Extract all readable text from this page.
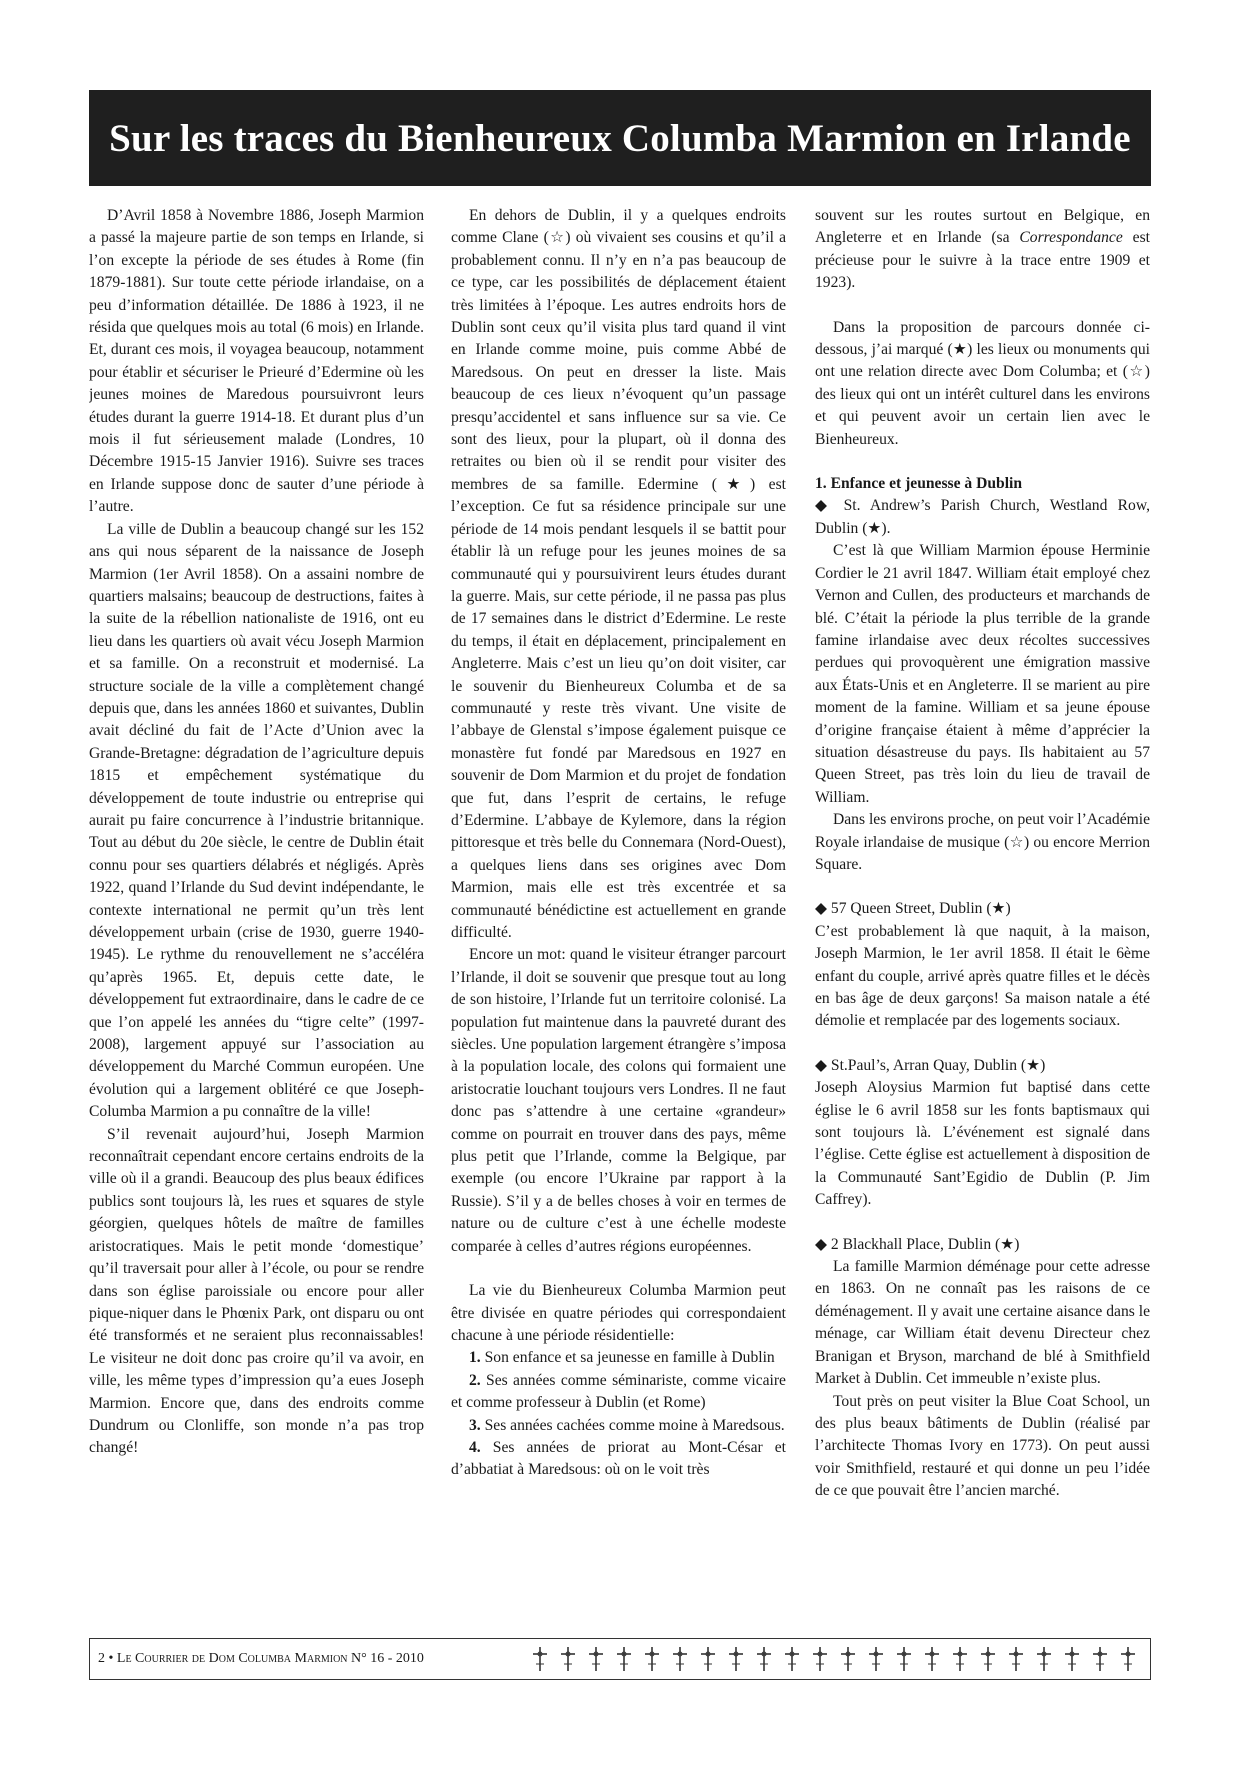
Sur les traces du Bienheureux Columba Marmion en Irlande

D’Avril 1858 à Novembre 1886, Joseph Marmion a passé la majeure partie de son temps en Irlande, si l’on excepte la période de ses études à Rome (fin 1879-1881). Sur toute cette période irlandaise, on a peu d’information détaillée. De 1886 à 1923, il ne résida que quelques mois au total (6 mois) en Irlande. Et, durant ces mois, il voyagea beaucoup, notamment pour établir et sécuriser le Prieuré d’Edermine où les jeunes moines de Maredous poursuivront leurs études durant la guerre 1914-18. Et durant plus d’un mois il fut sérieusement malade (Londres, 10 Décembre 1915-15 Janvier 1916). Suivre ses traces en Irlande suppose donc de sauter d’une période à l’autre.

La ville de Dublin a beaucoup changé sur les 152 ans qui nous séparent de la naissance de Joseph Marmion (1er Avril 1858). On a assaini nombre de quartiers malsains; beaucoup de destructions, faites à la suite de la rébellion nationaliste de 1916, ont eu lieu dans les quartiers où avait vécu Joseph Marmion et sa famille. On a reconstruit et modernisé. La structure sociale de la ville a complètement changé depuis que, dans les années 1860 et suivantes, Dublin avait décliné du fait de l’Acte d’Union avec la Grande-Bretagne: dégradation de l’agriculture depuis 1815 et empêchement systématique du développement de toute industrie ou entreprise qui aurait pu faire concurrence à l’industrie britannique. Tout au début du 20e siècle, le centre de Dublin était connu pour ses quartiers délabrés et négligés. Après 1922, quand l’Irlande du Sud devint indépendante, le contexte international ne permit qu’un très lent développement urbain (crise de 1930, guerre 1940-1945). Le rythme du renouvellement ne s’accéléra qu’après 1965. Et, depuis cette date, le développement fut extraordinaire, dans le cadre de ce que l’on appelé les années du “tigre celte” (1997-2008), largement appuyé sur l’association au développement du Marché Commun européen. Une évolution qui a largement oblitéré ce que Joseph-Columba Marmion a pu connaître de la ville!

S’il revenait aujourd’hui, Joseph Marmion reconnaîtrait cependant encore certains endroits de la ville où il a grandi. Beaucoup des plus beaux édifices publics sont toujours là, les rues et squares de style géorgien, quelques hôtels de maître de familles aristocratiques. Mais le petit monde ‘domestique’ qu’il traversait pour aller à l’école, ou pour se rendre dans son église paroissiale ou encore pour aller pique-niquer dans le Phœnix Park, ont disparu ou ont été transformés et ne seraient plus reconnaissables! Le visiteur ne doit donc pas croire qu’il va avoir, en ville, les même types d’impression qu’a eues Joseph Marmion. Encore que, dans des endroits comme Dundrum ou Clonliffe, son monde n’a pas trop changé!

En dehors de Dublin, il y a quelques endroits comme Clane (☆) où vivaient ses cousins et qu’il a probablement connu. Il n’y en n’a pas beaucoup de ce type, car les possibilités de déplacement étaient très limitées à l’époque. Les autres endroits hors de Dublin sont ceux qu’il visita plus tard quand il vint en Irlande comme moine, puis comme Abbé de Maredsous. On peut en dresser la liste. Mais beaucoup de ces lieux n’évoquent qu’un passage presqu’accidentel et sans influence sur sa vie. Ce sont des lieux, pour la plupart, où il donna des retraites ou bien où il se rendit pour visiter des membres de sa famille. Edermine (★) est l’exception. Ce fut sa résidence principale sur une période de 14 mois pendant lesquels il se battit pour établir là un refuge pour les jeunes moines de sa communauté qui y poursuivirent leurs études durant la guerre. Mais, sur cette période, il ne passa pas plus de 17 semaines dans le district d’Edermine. Le reste du temps, il était en déplacement, principalement en Angleterre. Mais c’est un lieu qu’on doit visiter, car le souvenir du Bienheureux Columba et de sa communauté y reste très vivant. Une visite de l’abbaye de Glenstal s’impose également puisque ce monastère fut fondé par Maredsous en 1927 en souvenir de Dom Marmion et du projet de fondation que fut, dans l’esprit de certains, le refuge d’Edermine. L’abbaye de Kylemore, dans la région pittoresque et très belle du Connemara (Nord-Ouest), a quelques liens dans ses origines avec Dom Marmion, mais elle est très excentrée et sa communauté bénédictine est actuellement en grande difficulté.

Encore un mot: quand le visiteur étranger parcourt l’Irlande, il doit se souvenir que presque tout au long de son histoire, l’Irlande fut un territoire colonisé. La population fut maintenue dans la pauvreté durant des siècles. Une population largement étrangère s’imposa à la population locale, des colons qui formaient une aristocratie louchant toujours vers Londres. Il ne faut donc pas s’attendre à une certaine «grandeur» comme on pourrait en trouver dans des pays, même plus petit que l’Irlande, comme la Belgique, par exemple (ou encore l’Ukraine par rapport à la Russie). S’il y a de belles choses à voir en termes de nature ou de culture c’est à une échelle modeste comparée à celles d’autres régions européennes.

La vie du Bienheureux Columba Marmion peut être divisée en quatre périodes qui correspondaient chacune à une période résidentielle:

1. Son enfance et sa jeunesse en famille à Dublin

2. Ses années comme séminariste, comme vicaire et comme professeur à Dublin (et Rome)

3. Ses années cachées comme moine à Maredsous.

4. Ses années de priorat au Mont-César et d’abbatiat à Maredsous: où on le voit très

souvent sur les routes surtout en Belgique, en Angleterre et en Irlande (sa Correspondance est précieuse pour le suivre à la trace entre 1909 et 1923).

Dans la proposition de parcours donnée ci-dessous, j’ai marqué (★) les lieux ou monuments qui ont une relation directe avec Dom Columba; et (☆) des lieux qui ont un intérêt culturel dans les environs et qui peuvent avoir un certain lien avec le Bienheureux.

1. Enfance et jeunesse à Dublin

◆ St. Andrew’s Parish Church, Westland Row, Dublin (★).

C’est là que William Marmion épouse Herminie Cordier le 21 avril 1847. William était employé chez Vernon and Cullen, des producteurs et marchands de blé. C’était la période la plus terrible de la grande famine irlandaise avec deux récoltes successives perdues qui provoquèrent une émigration massive aux États-Unis et en Angleterre. Il se marient au pire moment de la famine. William et sa jeune épouse d’origine française étaient à même d’apprécier la situation désastreuse du pays. Ils habitaient au 57 Queen Street, pas très loin du lieu de travail de William.

Dans les environs proche, on peut voir l’Académie Royale irlandaise de musique (☆) ou encore Merrion Square.

◆ 57 Queen Street, Dublin (★)

C’est probablement là que naquit, à la maison, Joseph Marmion, le 1er avril 1858. Il était le 6ème enfant du couple, arrivé après quatre filles et le décès en bas âge de deux garçons! Sa maison natale a été démolie et remplacée par des logements sociaux.

◆ St.Paul’s, Arran Quay, Dublin (★)

Joseph Aloysius Marmion fut baptisé dans cette église le 6 avril 1858 sur les fonts baptismaux qui sont toujours là. L’événement est signalé dans l’église. Cette église est actuellement à disposition de la Communauté Sant’Egidio de Dublin (P. Jim Caffrey).

◆ 2 Blackhall Place, Dublin (★)

La famille Marmion déménage pour cette adresse en 1863. On ne connaît pas les raisons de ce déménagement. Il y avait une certaine aisance dans le ménage, car William était devenu Directeur chez Branigan et Bryson, marchand de blé à Smithfield Market à Dublin. Cet immeuble n’existe plus.

Tout près on peut visiter la Blue Coat School, un des plus beaux bâtiments de Dublin (réalisé par l’architecte Thomas Ivory en 1773). On peut aussi voir Smithfield, restauré et qui donne un peu l’idée de ce que pouvait être l’ancien marché.

2 • Le Courrier de Dom Columba Marmion N° 16 - 2010
